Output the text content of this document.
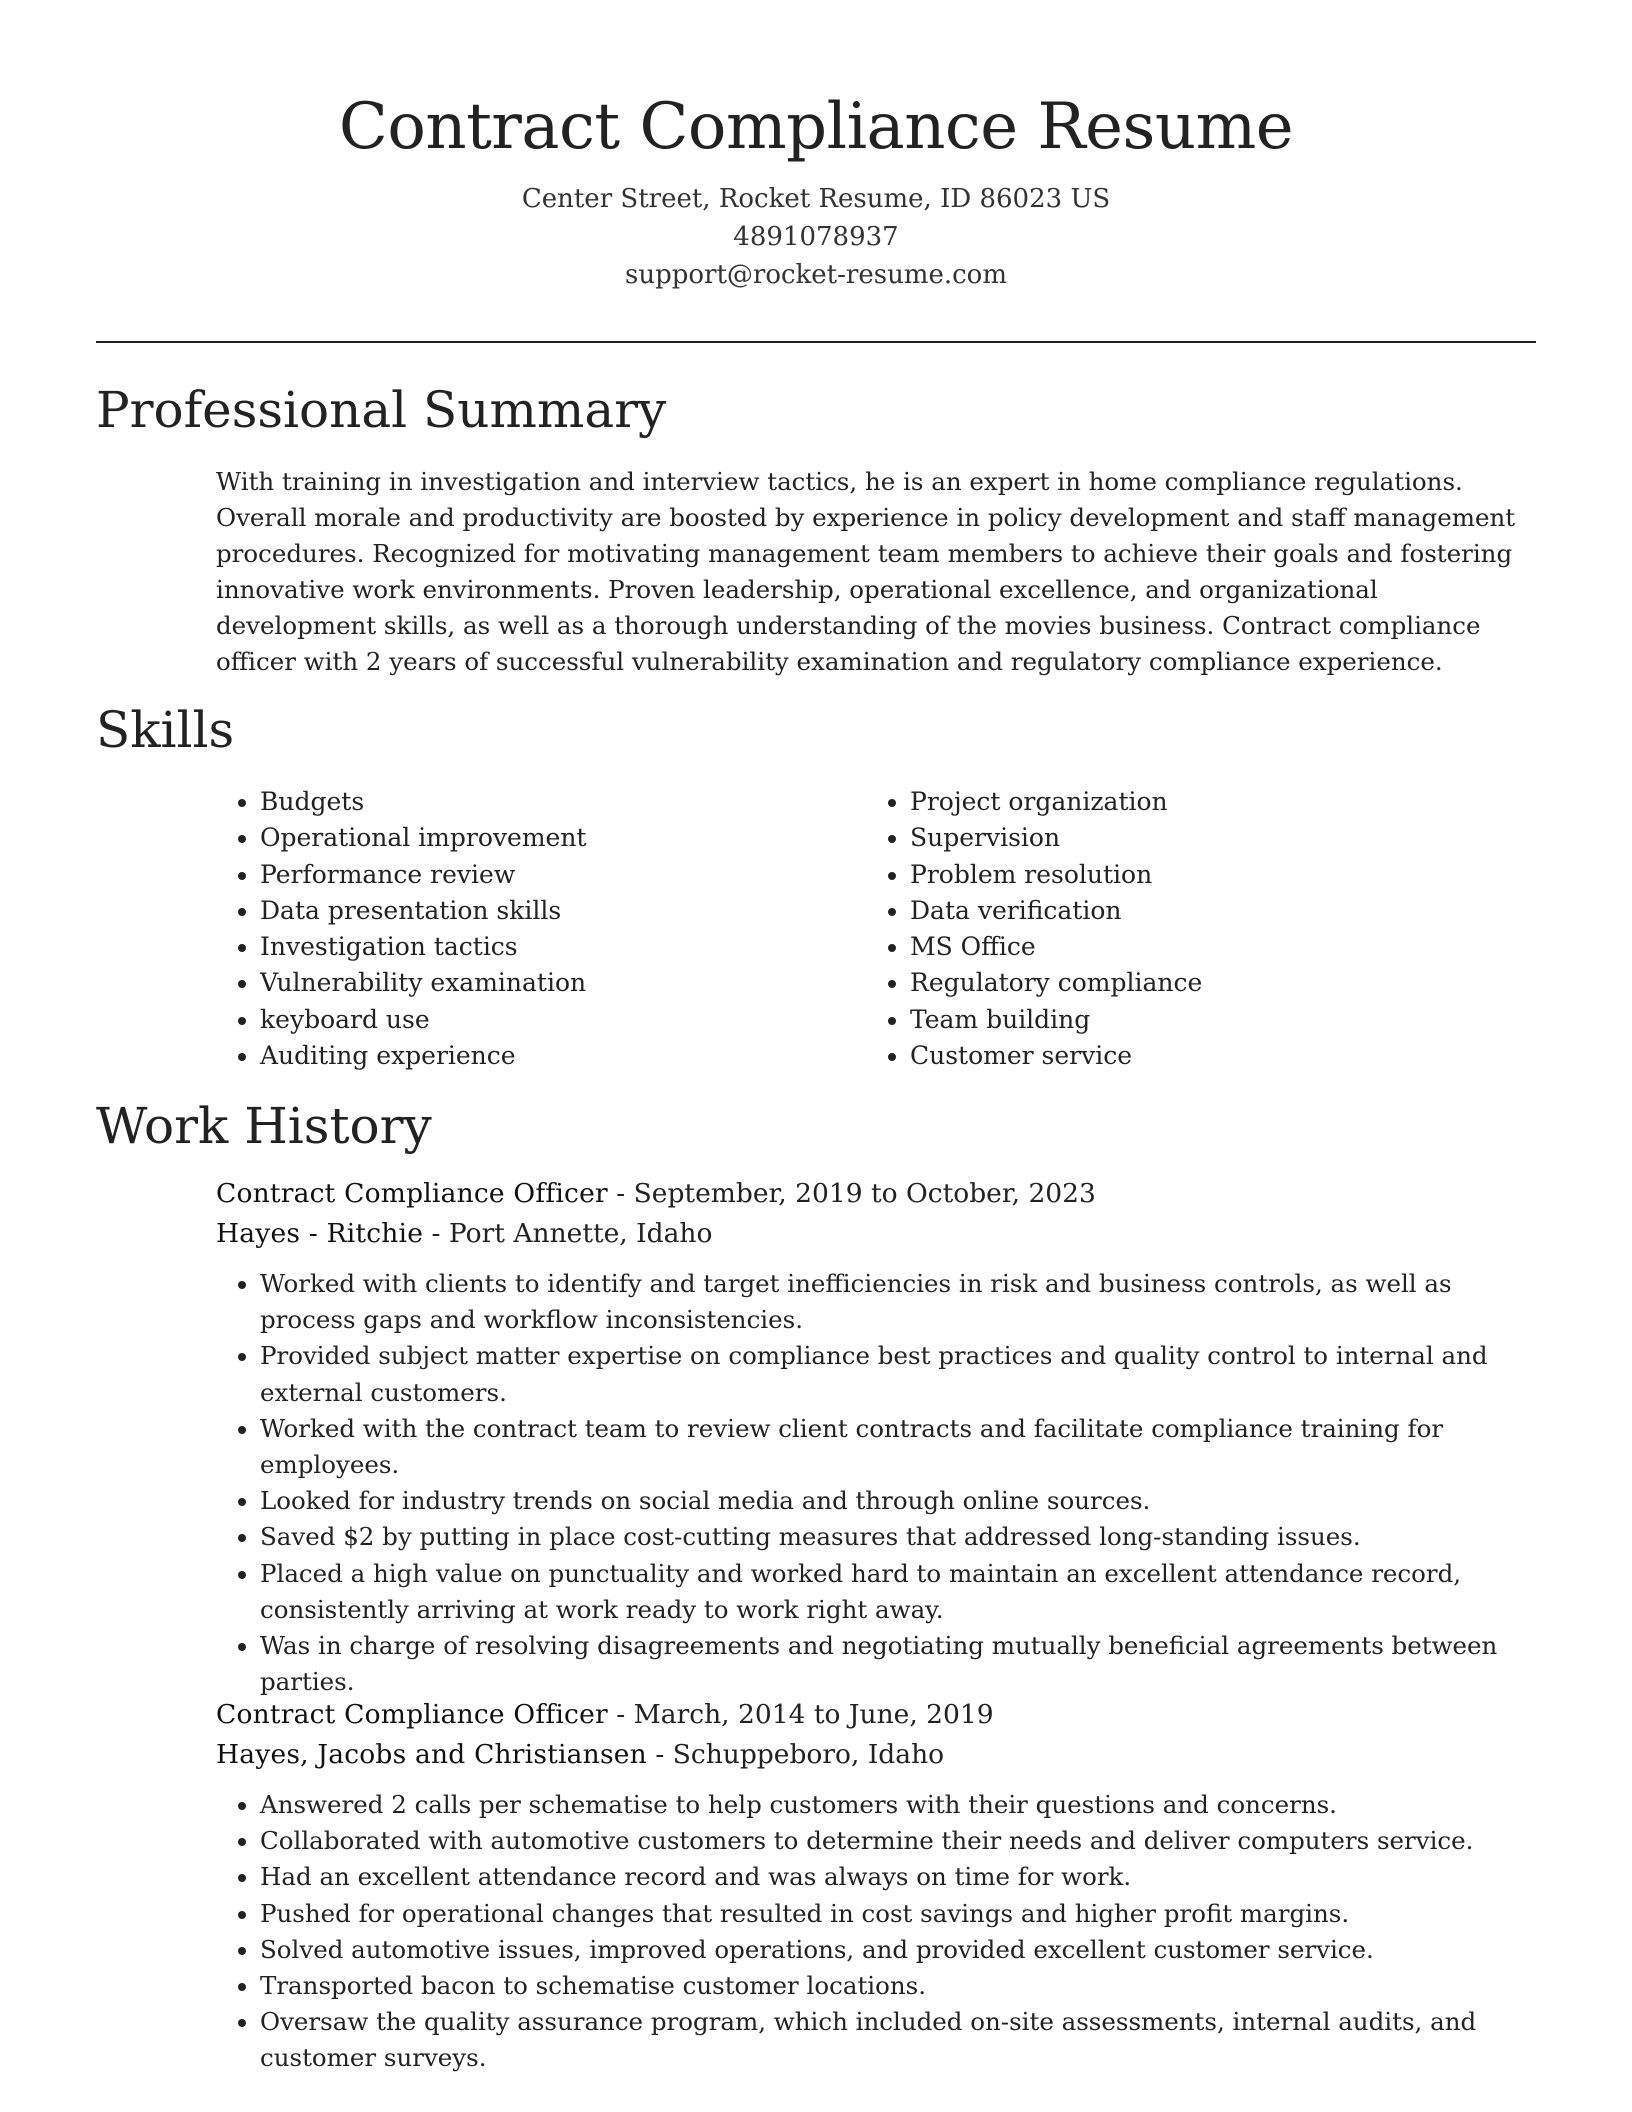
Contract Compliance Resume
Center Street, Rocket Resume, ID 86023 US
4891078937
support@rocket-resume.com
Professional Summary

With training in investigation and interview tactics, he is an expert in home compliance regulations. Overall morale and productivity are boosted by experience in policy development and staff management procedures. Recognized for motivating management team members to achieve their goals and fostering innovative work environments. Proven leadership, operational excellence, and organizational development skills, as well as a thorough understanding of the movies business. Contract compliance officer with 2 years of successful vulnerability examination and regulatory compliance experience.

Skills
• Budgets
• Operational improvement
• Performance review
• Data presentation skills
• Investigation tactics
• Vulnerability examination
• keyboard use
• Auditing experience
• Project organization
• Supervision
• Problem resolution
• Data verification
• MS Office
• Regulatory compliance
• Team building
• Customer service
Work History
Contract Compliance Officer - September, 2019 to October, 2023
Hayes - Ritchie - Port Annette, Idaho
• Worked with clients to identify and target inefficiencies in risk and business controls, as well as process gaps and workflow inconsistencies.
• Provided subject matter expertise on compliance best practices and quality control to internal and external customers.
• Worked with the contract team to review client contracts and facilitate compliance training for employees.
• Looked for industry trends on social media and through online sources.
• Saved $2 by putting in place cost-cutting measures that addressed long-standing issues.
• Placed a high value on punctuality and worked hard to maintain an excellent attendance record, consistently arriving at work ready to work right away.
• Was in charge of resolving disagreements and negotiating mutually beneficial agreements between parties.
Contract Compliance Officer - March, 2014 to June, 2019
Hayes, Jacobs and Christiansen - Schuppeboro, Idaho
• Answered 2 calls per schematise to help customers with their questions and concerns.
• Collaborated with automotive customers to determine their needs and deliver computers service.
• Had an excellent attendance record and was always on time for work.
• Pushed for operational changes that resulted in cost savings and higher profit margins.
• Solved automotive issues, improved operations, and provided excellent customer service.
• Transported bacon to schematise customer locations.
• Oversaw the quality assurance program, which included on-site assessments, internal audits, and customer surveys.
